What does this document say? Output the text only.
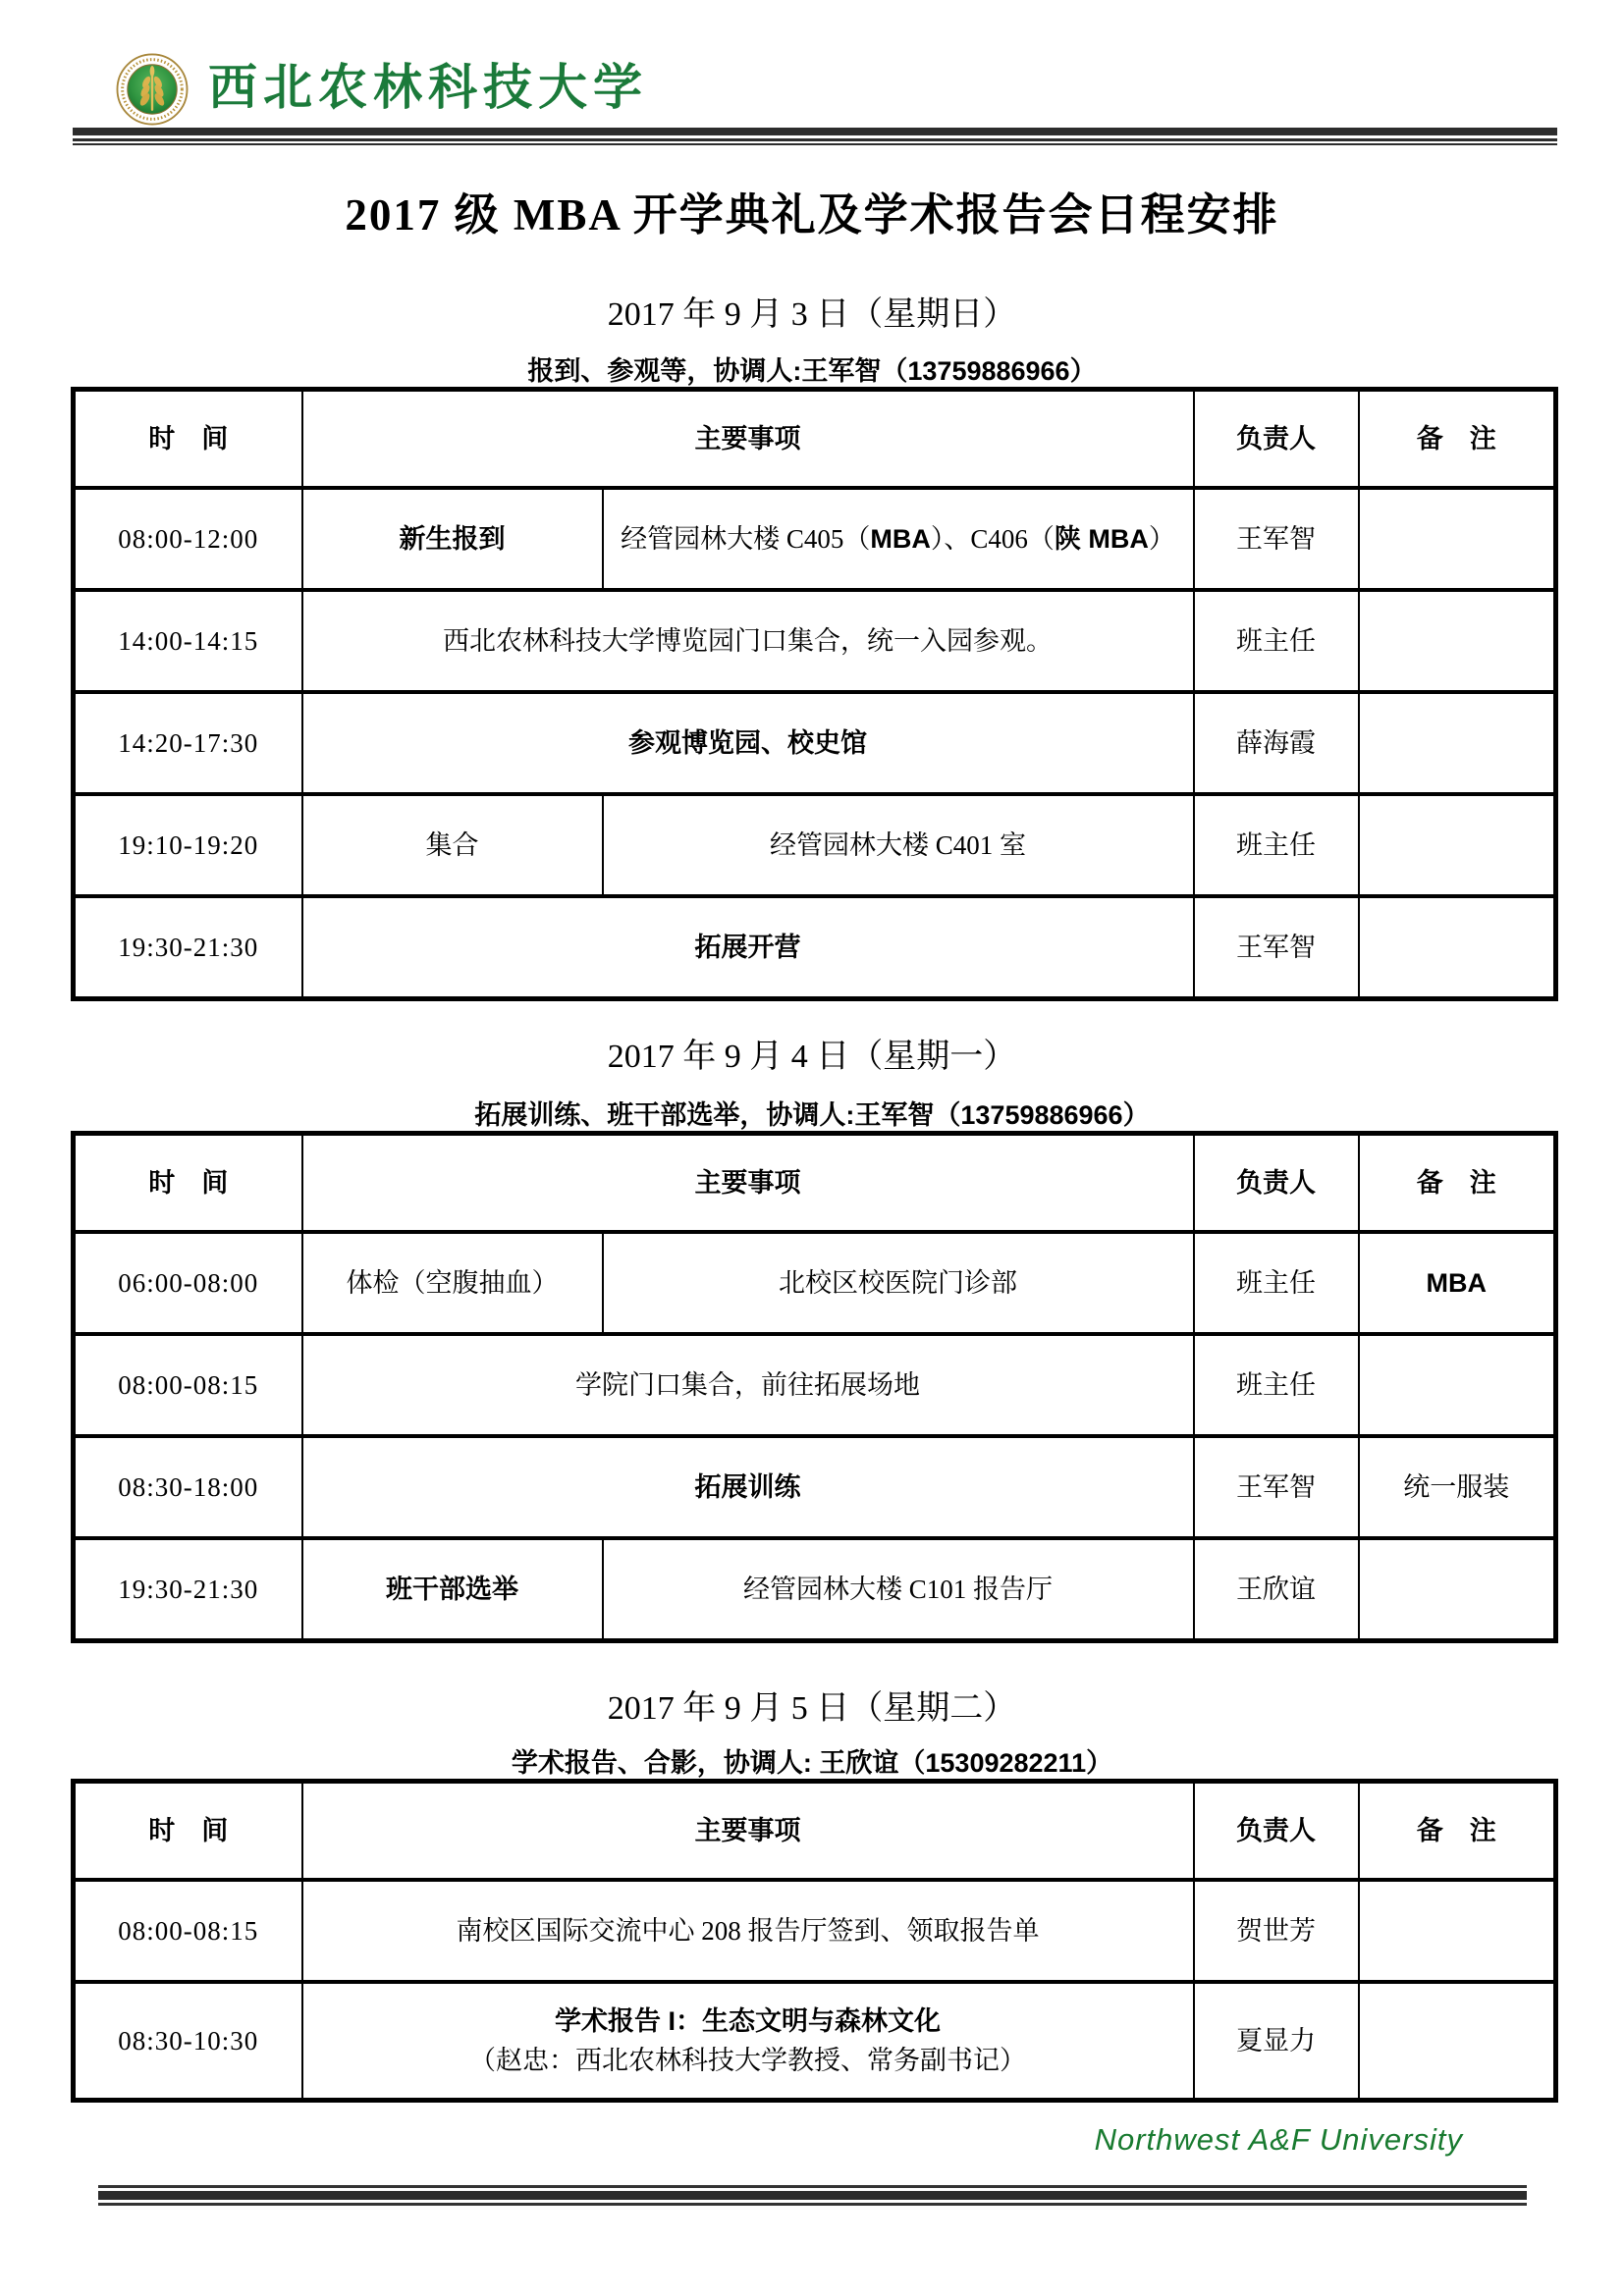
西北农林科技大学
2017 级 MBA 开学典礼及学术报告会日程安排
2017 年 9 月 3 日（星期日）
报到、参观等，协调人:王军智（13759886966）
时　间	主要事项		负责人	备　注
08:00-12:00	新生报到	经管园林大楼 C405（MBA）、C406（陕 MBA）	王军智	
14:00-14:15	西北农林科技大学博览园门口集合，统一入园参观。		班主任	
14:20-17:30	参观博览园、校史馆		薛海霞	
19:10-19:20	集合	经管园林大楼 C401 室	班主任	
19:30-21:30	拓展开营		王军智	
2017 年 9 月 4 日（星期一）
拓展训练、班干部选举，协调人:王军智（13759886966）
时　间	主要事项		负责人	备　注
06:00-08:00	体检（空腹抽血）	北校区校医院门诊部	班主任	MBA
08:00-08:15	学院门口集合，前往拓展场地		班主任	
08:30-18:00	拓展训练		王军智	统一服装
19:30-21:30	班干部选举	经管园林大楼 C101 报告厅	王欣谊	
2017 年 9 月 5 日（星期二）
学术报告、合影，协调人: 王欣谊（15309282211）
时　间	主要事项	负责人	备　注
08:00-08:15	南校区国际交流中心 208 报告厅签到、领取报告单	贺世芳	
08:30-10:30	学术报告 I：生态文明与森林文化
（赵忠：西北农林科技大学教授、常务副书记）	夏显力	
Northwest A&F University
